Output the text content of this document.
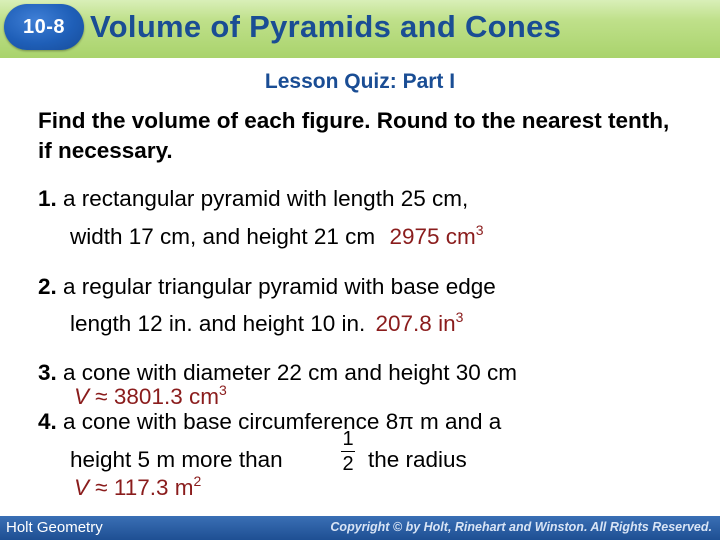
10-8 Volume of Pyramids and Cones
Lesson Quiz: Part I
Find the volume of each figure. Round to the nearest tenth, if necessary.
1. a rectangular pyramid with length 25 cm,
width 17 cm, and height 21 cm 2975 $cm^3$
2. a regular triangular pyramid with base edge
length 12 in. and height 10 in. 207.8 $in^3$
3. a cone with diameter 22 cm and height 30 cm
V ≈ 3801.3 $cm^3$
4. a cone with base circumference 8π m and a
height 5 m more than
1
2 the radius
V ≈ 117.3 $m^2$
Holt Geometry	Copyright © by Holt, Rinehart and Winston. All Rights Reserved.
